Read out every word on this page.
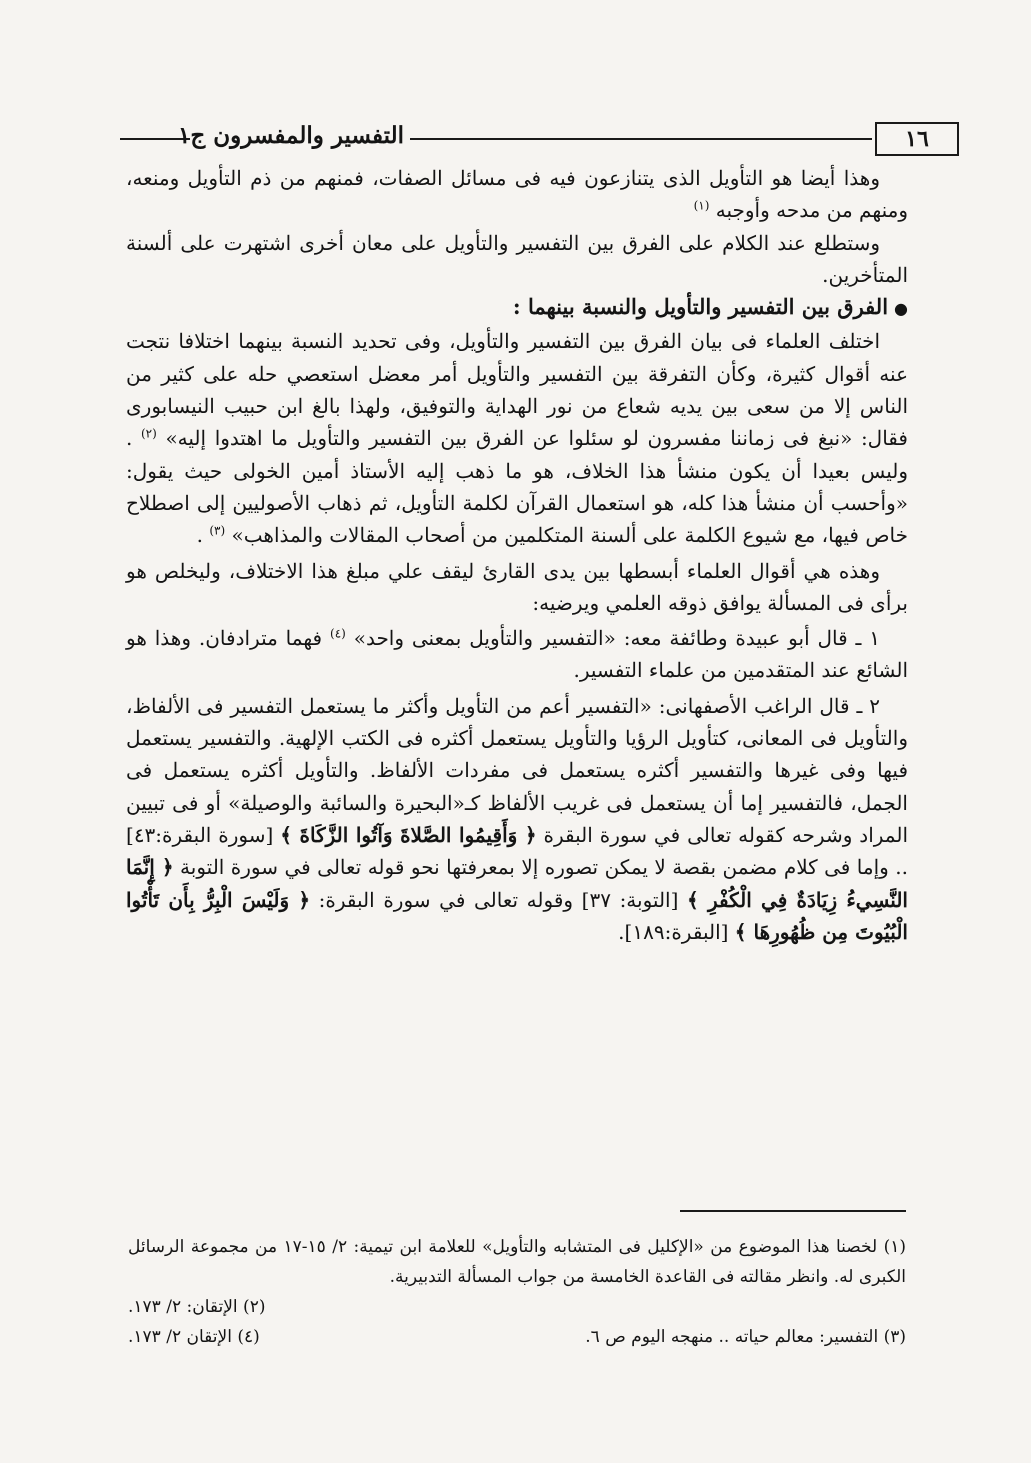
التفسير والمفسرون ج١	١٦

وهذا أيضا هو التأويل الذى يتنازعون فيه فى مسائل الصفات، فمنهم من ذم التأويل ومنعه، ومنهم من مدحه وأوجبه $^{(١)}$

وستطلع عند الكلام على الفرق بين التفسير والتأويل على معان أخرى اشتهرت على ألسنة المتأخرين.

●الفرق بين التفسير والتأويل والنسبة بينهما :

اختلف العلماء فى بيان الفرق بين التفسير والتأويل، وفى تحديد النسبة بينهما اختلافا نتجت عنه أقوال كثيرة، وكأن التفرقة بين التفسير والتأويل أمر معضل استعصي حله على كثير من الناس إلا من سعى بين يديه شعاع من نور الهداية والتوفيق، ولهذا بالغ ابن حبيب النيسابورى فقال: «نبغ فى زماننا مفسرون لو سئلوا عن الفرق بين التفسير والتأويل ما اهتدوا إليه» $^{(٢)}$ . وليس بعيدا أن يكون منشأ هذا الخلاف، هو ما ذهب إليه الأستاذ أمين الخولى حيث يقول: «وأحسب أن منشأ هذا كله، هو استعمال القرآن لكلمة التأويل، ثم ذهاب الأصوليين إلى اصطلاح خاص فيها، مع شيوع الكلمة على ألسنة المتكلمين من أصحاب المقالات والمذاهب» $^{(٣)}$ .

وهذه هي أقوال العلماء أبسطها بين يدى القارئ ليقف علي مبلغ هذا الاختلاف، وليخلص هو برأى فى المسألة يوافق ذوقه العلمي ويرضيه:

١ ـ قال أبو عبيدة وطائفة معه: «التفسير والتأويل بمعنى واحد» $^{(٤)}$ فهما مترادفان. وهذا هو الشائع عند المتقدمين من علماء التفسير.

٢ ـ قال الراغب الأصفهانى: «التفسير أعم من التأويل وأكثر ما يستعمل التفسير فى الألفاظ، والتأويل فى المعانى، كتأويل الرؤيا والتأويل يستعمل أكثره فى الكتب الإلهية. والتفسير يستعمل فيها وفى غيرها والتفسير أكثره يستعمل فى مفردات الألفاظ. والتأويل أكثره يستعمل فى الجمل، فالتفسير إما أن يستعمل فى غريب الألفاظ كـ«البحيرة والسائبة والوصيلة» أو فى تبيين المراد وشرحه كقوله تعالى في سورة البقرة ﴿ وَأَقِيمُوا الصَّلاةَ وَآتُوا الزَّكَاةَ ﴾ [سورة البقرة:٤٣] .. وإما فى كلام مضمن بقصة لا يمكن تصوره إلا بمعرفتها نحو قوله تعالى في سورة التوبة ﴿ إِنَّمَا النَّسِيءُ زِيَادَةٌ فِي الْكُفْرِ ﴾ [التوبة: ٣٧] وقوله تعالى في سورة البقرة: ﴿ وَلَيْسَ الْبِرُّ بِأَن تَأْتُوا الْبُيُوتَ مِن ظُهُورِهَا ﴾ [البقرة:١٨٩].

(١) لخصنا هذا الموضوع من «الإكليل فى المتشابه والتأويل» للعلامة ابن تيمية: ٢/ ١٥-١٧ من مجموعة الرسائل الكبرى له. وانظر مقالته فى القاعدة الخامسة من جواب المسألة التدبيرية.

(٢) الإتقان: ٢/ ١٧٣.
(٣) التفسير: معالم حياته .. منهجه اليوم ص ٦.
(٤) الإتقان ٢/ ١٧٣.
